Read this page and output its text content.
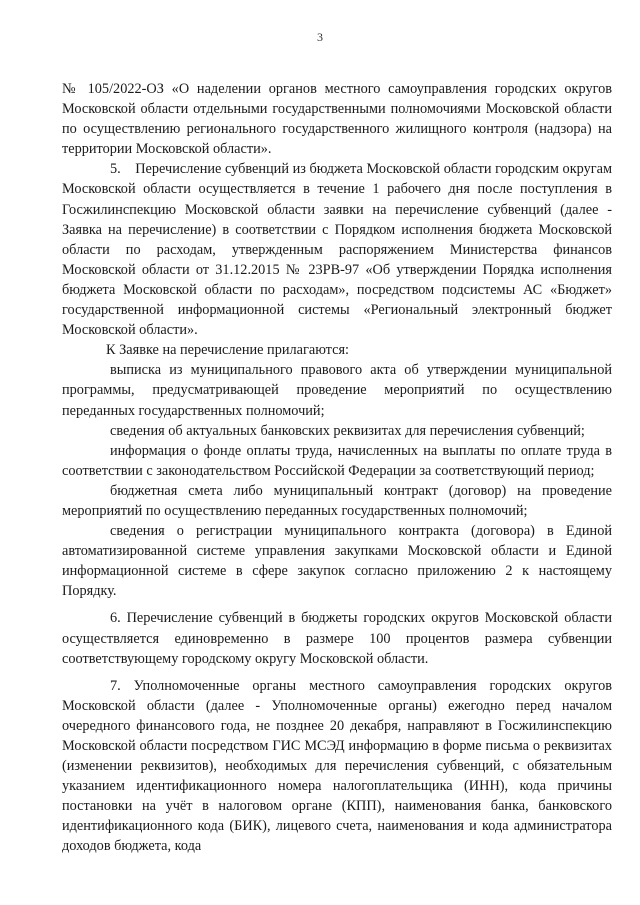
3

№ 105/2022-ОЗ «О наделении органов местного самоуправления городских округов Московской области отдельными государственными полномочиями Московской области по осуществлению регионального государственного жилищного контроля (надзора) на территории Московской области».

5.    Перечисление субвенций из бюджета Московской области городским округам Московской области осуществляется в течение 1 рабочего дня после поступления в Госжилинспекцию Московской области заявки на перечисление субвенций (далее - Заявка на перечисление) в соответствии с Порядком исполнения бюджета Московской области по расходам, утвержденным распоряжением Министерства финансов Московской области от 31.12.2015 № 23РВ-97 «Об утверждении Порядка исполнения бюджета Московской области по расходам», посредством подсистемы АС «Бюджет» государственной информационной системы «Региональный электронный бюджет Московской области».

К Заявке на перечисление прилагаются:

выписка из муниципального правового акта об утверждении муниципальной программы, предусматривающей проведение мероприятий по осуществлению переданных государственных полномочий;

сведения об актуальных банковских реквизитах для перечисления субвенций;

информация о фонде оплаты труда, начисленных на выплаты по оплате труда в соответствии с законодательством Российской Федерации за соответствующий период;

бюджетная смета либо муниципальный контракт (договор) на проведение мероприятий по осуществлению переданных государственных полномочий;

сведения о регистрации муниципального контракта (договора) в Единой автоматизированной системе управления закупками Московской области и Единой информационной системе в сфере закупок согласно приложению 2 к настоящему Порядку.

6. Перечисление субвенций в бюджеты городских округов Московской области осуществляется единовременно в размере 100 процентов размера субвенции соответствующему городскому округу Московской области.

7. Уполномоченные органы местного самоуправления городских округов Московской области (далее - Уполномоченные органы) ежегодно перед началом очередного финансового года, не позднее 20 декабря, направляют в Госжилинспекцию Московской области посредством ГИС МСЭД информацию в форме письма о реквизитах (изменении реквизитов), необходимых для перечисления субвенций, с обязательным указанием идентификационного номера налогоплательщика (ИНН), кода причины постановки на учёт в налоговом органе (КПП), наименования банка, банковского идентификационного кода (БИК), лицевого счета, наименования и кода администратора доходов бюджета, кода
